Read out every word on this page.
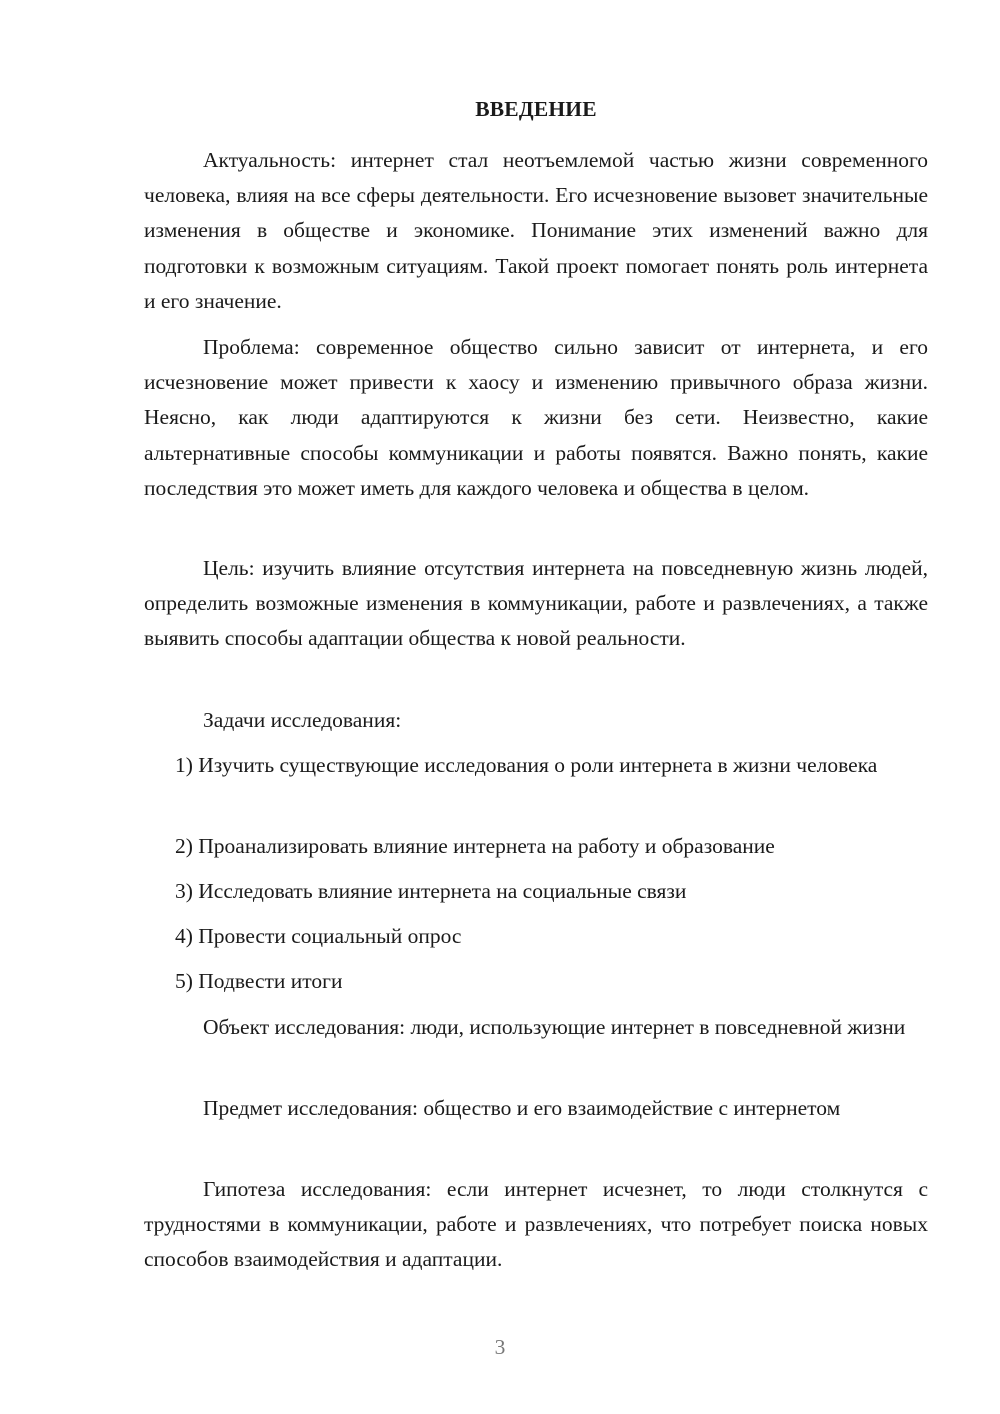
ВВЕДЕНИЕ

Актуальность: интернет стал неотъемлемой частью жизни современного человека, влияя на все сферы деятельности. Его исчезновение вызовет значительные изменения в обществе и экономике. Понимание этих изменений важно для подготовки к возможным ситуациям. Такой проект помогает понять роль интернета и его значение.

Проблема: современное общество сильно зависит от интернета, и его исчезновение может привести к хаосу и изменению привычного образа жизни. Неясно, как люди адаптируются к жизни без сети. Неизвестно, какие альтернативные способы коммуникации и работы появятся. Важно понять, какие последствия это может иметь для каждого человека и общества в целом.

Цель: изучить влияние отсутствия интернета на повседневную жизнь людей, определить возможные изменения в коммуникации, работе и развлечениях, а также выявить способы адаптации общества к новой реальности.

Задачи исследования:

1) Изучить существующие исследования о роли интернета в жизни человека

2) Проанализировать влияние интернета на работу и образование

3) Исследовать влияние интернета на социальные связи

4) Провести социальный опрос

5) Подвести итоги

Объект исследования: люди, использующие интернет в повседневной жизни

Предмет исследования: общество и его взаимодействие с интернетом

Гипотеза исследования: если интернет исчезнет, то люди столкнутся с трудностями в коммуникации, работе и развлечениях, что потребует поиска новых способов взаимодействия и адаптации.

3
